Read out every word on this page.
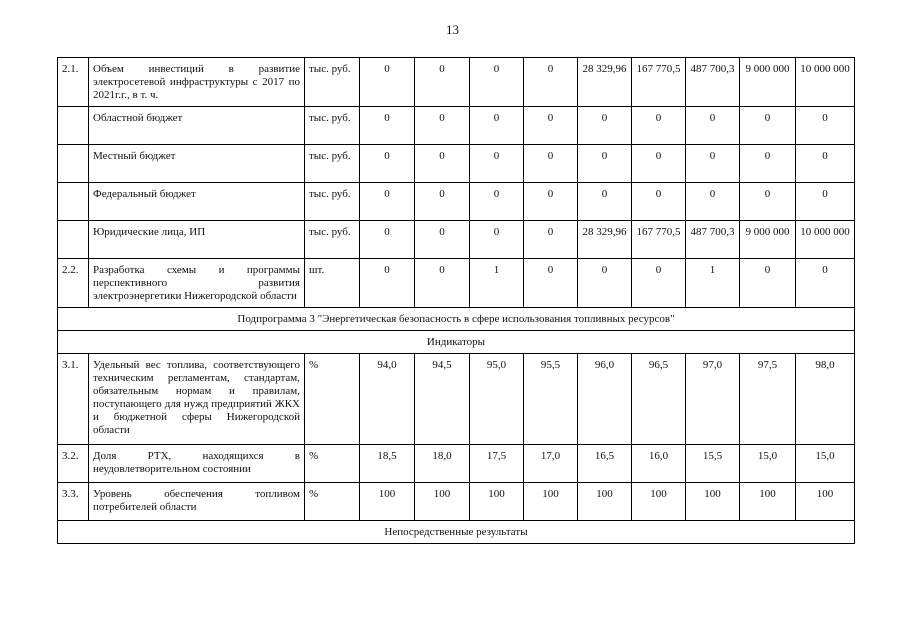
13
2.1.	Объем инвестиций в развитие электросетевой инфраструктуры с 2017 по 2021г.г., в т. ч.	тыс. руб.	0	0	0	0	28 329,96	167 770,5	487 700,3	9 000 000	10 000 000
	Областной бюджет	тыс. руб.	0	0	0	0	0	0	0	0	0
	Местный бюджет	тыс. руб.	0	0	0	0	0	0	0	0	0
	Федеральный бюджет	тыс. руб.	0	0	0	0	0	0	0	0	0
	Юридические лица, ИП	тыс. руб.	0	0	0	0	28 329,96	167 770,5	487 700,3	9 000 000	10 000 000
2.2.	Разработка схемы и программы перспективного развития электроэнергетики Нижегородской области	шт.	0	0	1	0	0	0	1	0	0
Подпрограмма 3 "Энергетическая безопасность в сфере использования топливных ресурсов"											
Индикаторы											
3.1.	Удельный вес топлива, соответствующего техническим регламентам, стандартам, обязательным нормам и правилам, поступающего для нужд предприятий ЖКХ и бюджетной сферы Нижегородской области	%	94,0	94,5	95,0	95,5	96,0	96,5	97,0	97,5	98,0
3.2.	Доля РТХ, находящихся в неудовлетворительном состоянии	%	18,5	18,0	17,5	17,0	16,5	16,0	15,5	15,0	15,0
3.3.	Уровень обеспечения топливом потребителей области	%	100	100	100	100	100	100	100	100	100
Непосредственные результаты											
